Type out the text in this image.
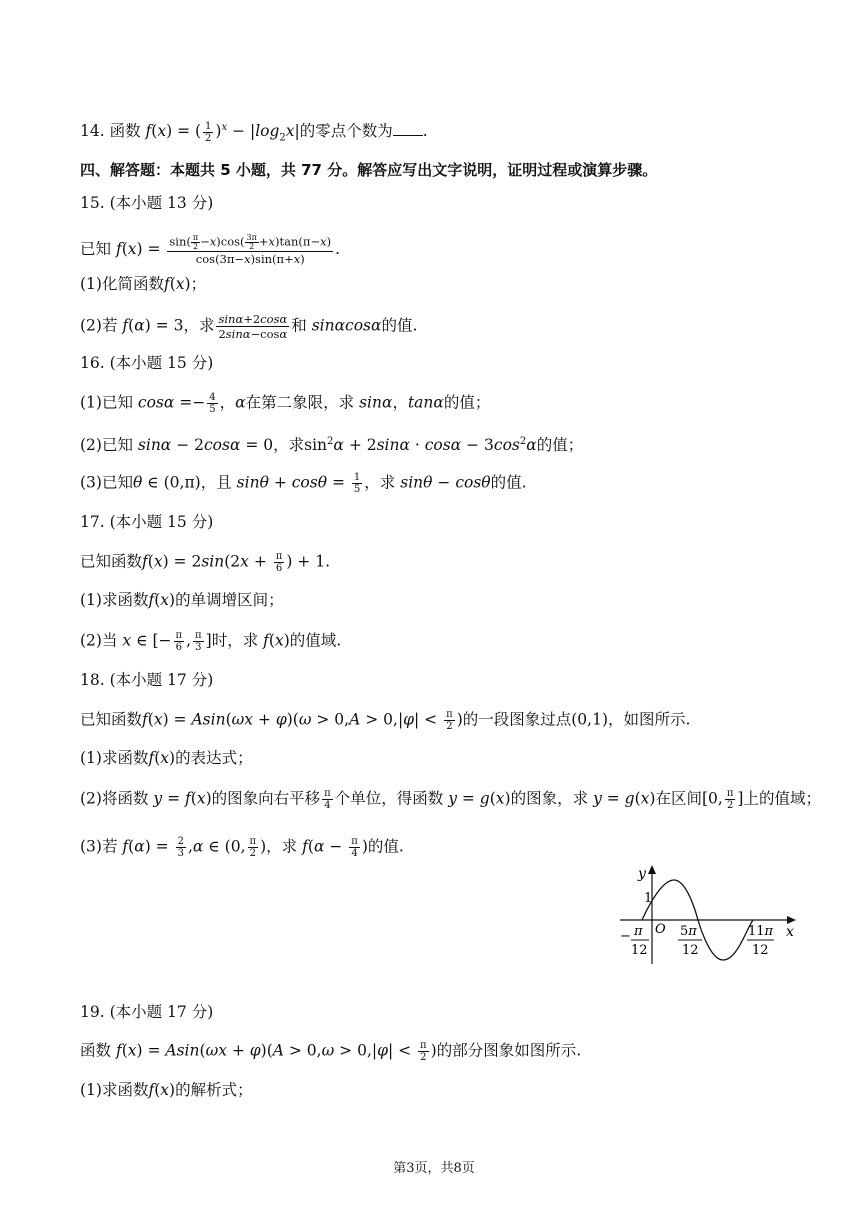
14. 函数 f(x) = ( $\frac{1}{2} )^x - |\log_2x|$的零点个数为 .
四、解答题：本题共 5 小题，共 77 分。解答应写出文字说明，证明过程或演算步骤。
15. (本小题 13 分)
已知 $f(x) = \frac{\sin( \frac{\pi}{2} -x)\cos( \frac{3\pi}{2} +x)\tan(\pi-x)}{\cos(3\pi-x)\sin(\pi+x)}$ .
(1)化简函数f(x)；
(2)若 f(α) = 3，求 $\frac{\sin\alpha+2\cos\alpha}{2\sin\alpha-\cos\alpha}$ 和 sinαcosα的值.
16. (本小题 15 分)
(1)已知 $\cos\alpha =- \frac{4}{5}$ ，α在第二象限，求 sinα，tanα的值；
(2)已知 sinα − 2cosα = 0，求$\sin^2\alpha + 2\sin\alpha \cdot \cos\alpha - 3\cos^2\alpha$的值；
(3)已知θ ∈ (0,π)，且 $\sin\theta + \cos\theta = \frac{1}{5}$ ，求 sinθ − cosθ的值.
17. (本小题 15 分)
已知函数$f(x) = 2\sin(2x + \frac{\pi}{6}$ ) + 1.
(1)求函数f(x)的单调增区间；
(2)当 x ∈ [− $\frac{\pi}{6}$ , $\frac{\pi}{3}$ ]时，求 f(x)的值域.
18. (本小题 17 分)
已知函数$f(x) = Asin(\omega x + \varphi)(\omega > 0,A > 0,|\varphi| < \frac{\pi}{2}$ )的一段图象过点(0,1)，如图所示.
(1)求函数f(x)的表达式；
(2)将函数 y = f(x)的图象向右平移 $\frac{\pi}{4}$ 个单位，得函数 y = g(x)的图象，求 y = g(x)在区间[0, $\frac{\pi}{2}$ ]上的值域；
(3)若 $f(\alpha) = \frac{2}{3} ,\alpha$ ∈ (0, $\frac{\pi}{2}$ )，求 $f(\alpha - \frac{\pi}{4}$ )的值.
y
1
O	x
− π
12
5π
12
11π
12
19. (本小题 17 分)
函数 $f(x) = Asin(\omega x + \varphi)(A > 0,\omega > 0,|\varphi| < \frac{\pi}{2}$ )的部分图象如图所示.
(1)求函数f(x)的解析式；
第3页，共8页
